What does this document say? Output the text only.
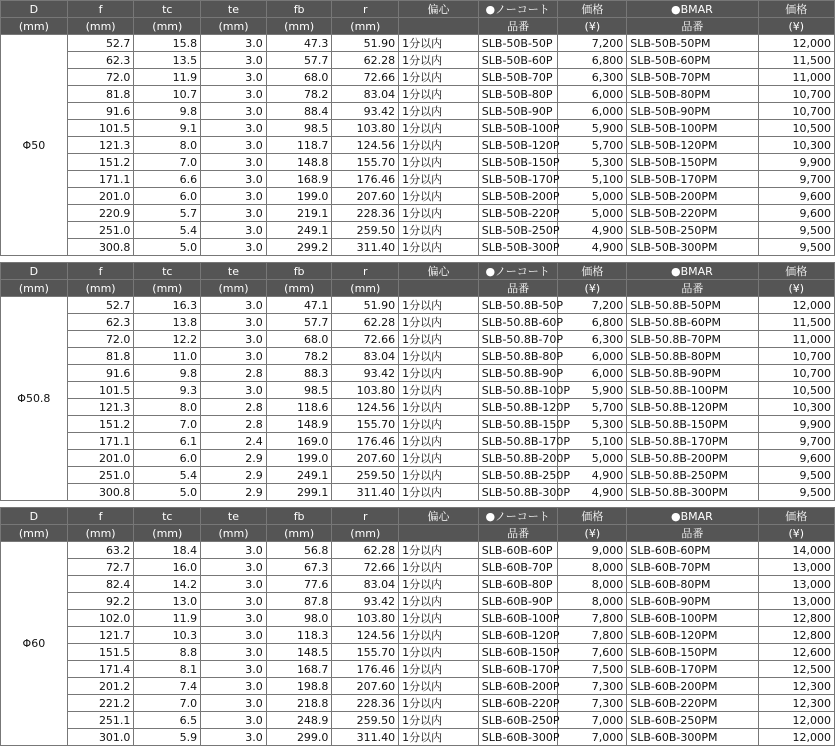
D	f	tc	te	fb	r	偏心	●ノーコート	価格	●BMAR	価格
(mm)	(mm)	(mm)	(mm)	(mm)	(mm)		品番	(¥)	品番	(¥)
Φ50	52.7	15.8	3.0	47.3	51.90	1分以内	SLB-50B-50P	7,200	SLB-50B-50PM	12,000
	62.3	13.5	3.0	57.7	62.28	1分以内	SLB-50B-60P	6,800	SLB-50B-60PM	11,500
	72.0	11.9	3.0	68.0	72.66	1分以内	SLB-50B-70P	6,300	SLB-50B-70PM	11,000
	81.8	10.7	3.0	78.2	83.04	1分以内	SLB-50B-80P	6,000	SLB-50B-80PM	10,700
	91.6	9.8	3.0	88.4	93.42	1分以内	SLB-50B-90P	6,000	SLB-50B-90PM	10,700
	101.5	9.1	3.0	98.5	103.80	1分以内	SLB-50B-100P	5,900	SLB-50B-100PM	10,500
	121.3	8.0	3.0	118.7	124.56	1分以内	SLB-50B-120P	5,700	SLB-50B-120PM	10,300
	151.2	7.0	3.0	148.8	155.70	1分以内	SLB-50B-150P	5,300	SLB-50B-150PM	9,900
	171.1	6.6	3.0	168.9	176.46	1分以内	SLB-50B-170P	5,100	SLB-50B-170PM	9,700
	201.0	6.0	3.0	199.0	207.60	1分以内	SLB-50B-200P	5,000	SLB-50B-200PM	9,600
	220.9	5.7	3.0	219.1	228.36	1分以内	SLB-50B-220P	5,000	SLB-50B-220PM	9,600
	251.0	5.4	3.0	249.1	259.50	1分以内	SLB-50B-250P	4,900	SLB-50B-250PM	9,500
	300.8	5.0	3.0	299.2	311.40	1分以内	SLB-50B-300P	4,900	SLB-50B-300PM	9,500
D	f	tc	te	fb	r	偏心	●ノーコート	価格	●BMAR	価格
(mm)	(mm)	(mm)	(mm)	(mm)	(mm)		品番	(¥)	品番	(¥)
Φ50.8	52.7	16.3	3.0	47.1	51.90	1分以内	SLB-50.8B-50P	7,200	SLB-50.8B-50PM	12,000
	62.3	13.8	3.0	57.7	62.28	1分以内	SLB-50.8B-60P	6,800	SLB-50.8B-60PM	11,500
	72.0	12.2	3.0	68.0	72.66	1分以内	SLB-50.8B-70P	6,300	SLB-50.8B-70PM	11,000
	81.8	11.0	3.0	78.2	83.04	1分以内	SLB-50.8B-80P	6,000	SLB-50.8B-80PM	10,700
	91.6	9.8	2.8	88.3	93.42	1分以内	SLB-50.8B-90P	6,000	SLB-50.8B-90PM	10,700
	101.5	9.3	3.0	98.5	103.80	1分以内	SLB-50.8B-100P	5,900	SLB-50.8B-100PM	10,500
	121.3	8.0	2.8	118.6	124.56	1分以内	SLB-50.8B-120P	5,700	SLB-50.8B-120PM	10,300
	151.2	7.0	2.8	148.9	155.70	1分以内	SLB-50.8B-150P	5,300	SLB-50.8B-150PM	9,900
	171.1	6.1	2.4	169.0	176.46	1分以内	SLB-50.8B-170P	5,100	SLB-50.8B-170PM	9,700
	201.0	6.0	2.9	199.0	207.60	1分以内	SLB-50.8B-200P	5,000	SLB-50.8B-200PM	9,600
	251.0	5.4	2.9	249.1	259.50	1分以内	SLB-50.8B-250P	4,900	SLB-50.8B-250PM	9,500
	300.8	5.0	2.9	299.1	311.40	1分以内	SLB-50.8B-300P	4,900	SLB-50.8B-300PM	9,500
D	f	tc	te	fb	r	偏心	●ノーコート	価格	●BMAR	価格
(mm)	(mm)	(mm)	(mm)	(mm)	(mm)		品番	(¥)	品番	(¥)
Φ60	63.2	18.4	3.0	56.8	62.28	1分以内	SLB-60B-60P	9,000	SLB-60B-60PM	14,000
	72.7	16.0	3.0	67.3	72.66	1分以内	SLB-60B-70P	8,000	SLB-60B-70PM	13,000
	82.4	14.2	3.0	77.6	83.04	1分以内	SLB-60B-80P	8,000	SLB-60B-80PM	13,000
	92.2	13.0	3.0	87.8	93.42	1分以内	SLB-60B-90P	8,000	SLB-60B-90PM	13,000
	102.0	11.9	3.0	98.0	103.80	1分以内	SLB-60B-100P	7,800	SLB-60B-100PM	12,800
	121.7	10.3	3.0	118.3	124.56	1分以内	SLB-60B-120P	7,800	SLB-60B-120PM	12,800
	151.5	8.8	3.0	148.5	155.70	1分以内	SLB-60B-150P	7,600	SLB-60B-150PM	12,600
	171.4	8.1	3.0	168.7	176.46	1分以内	SLB-60B-170P	7,500	SLB-60B-170PM	12,500
	201.2	7.4	3.0	198.8	207.60	1分以内	SLB-60B-200P	7,300	SLB-60B-200PM	12,300
	221.2	7.0	3.0	218.8	228.36	1分以内	SLB-60B-220P	7,300	SLB-60B-220PM	12,300
	251.1	6.5	3.0	248.9	259.50	1分以内	SLB-60B-250P	7,000	SLB-60B-250PM	12,000
	301.0	5.9	3.0	299.0	311.40	1分以内	SLB-60B-300P	7,000	SLB-60B-300PM	12,000
